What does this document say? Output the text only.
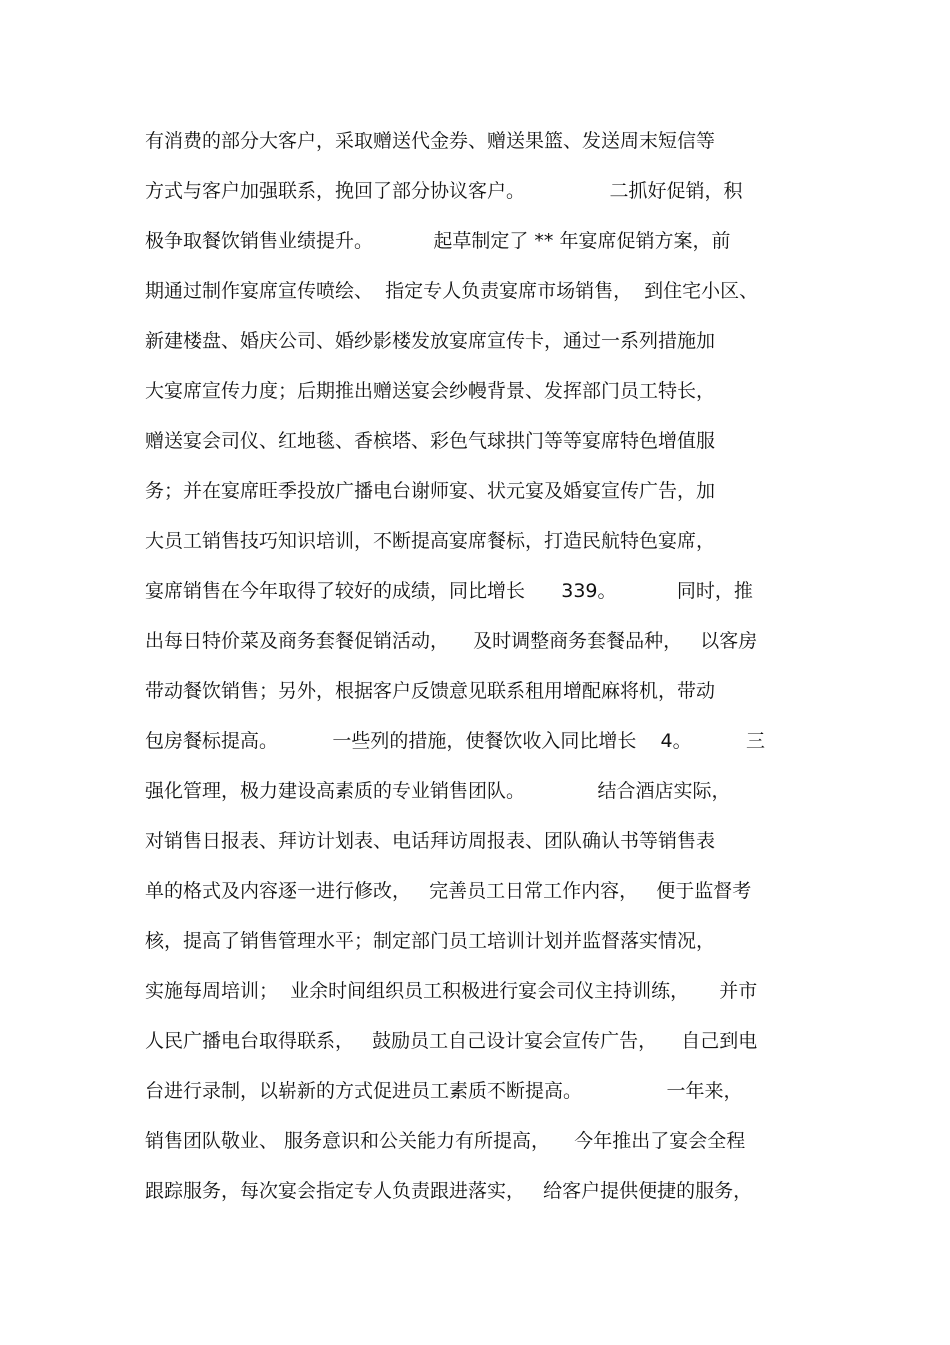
有消费的部分大客户，采取赠送代金券、赠送果篮、发送周末短信等
方式与客户加强联系，挽回了部分协议客户。              二抓好促销，积
极争取餐饮销售业绩提升。          起草制定了 ** 年宴席促销方案，前
期通过制作宴席宣传喷绘、  指定专人负责宴席市场销售，  到住宅小区、
新建楼盘、婚庆公司、婚纱影楼发放宴席宣传卡，通过一系列措施加
大宴席宣传力度；后期推出赠送宴会纱幔背景、发挥部门员工特长，
赠送宴会司仪、红地毯、香槟塔、彩色气球拱门等等宴席特色增值服
务；并在宴席旺季投放广播电台谢师宴、状元宴及婚宴宣传广告，加
大员工销售技巧知识培训，不断提高宴席餐标，打造民航特色宴席，
宴席销售在今年取得了较好的成绩，同比增长      339。          同时，推
出每日特价菜及商务套餐促销活动，    及时调整商务套餐品种，   以客房
带动餐饮销售；另外，根据客户反馈意见联系租用增配麻将机，带动
包房餐标提高。         一些列的措施，使餐饮收入同比增长    4。         三
强化管理，极力建设高素质的专业销售团队。            结合酒店实际，
对销售日报表、拜访计划表、电话拜访周报表、团队确认书等销售表
单的格式及内容逐一进行修改，   完善员工日常工作内容，   便于监督考
核，提高了销售管理水平；制定部门员工培训计划并监督落实情况，
实施每周培训；  业余时间组织员工积极进行宴会司仪主持训练，     并市
人民广播电台取得联系，   鼓励员工自己设计宴会宣传广告，    自己到电
台进行录制，以崭新的方式促进员工素质不断提高。              一年来，
销售团队敬业、 服务意识和公关能力有所提高，    今年推出了宴会全程
跟踪服务，每次宴会指定专人负责跟进落实，   给客户提供便捷的服务，
